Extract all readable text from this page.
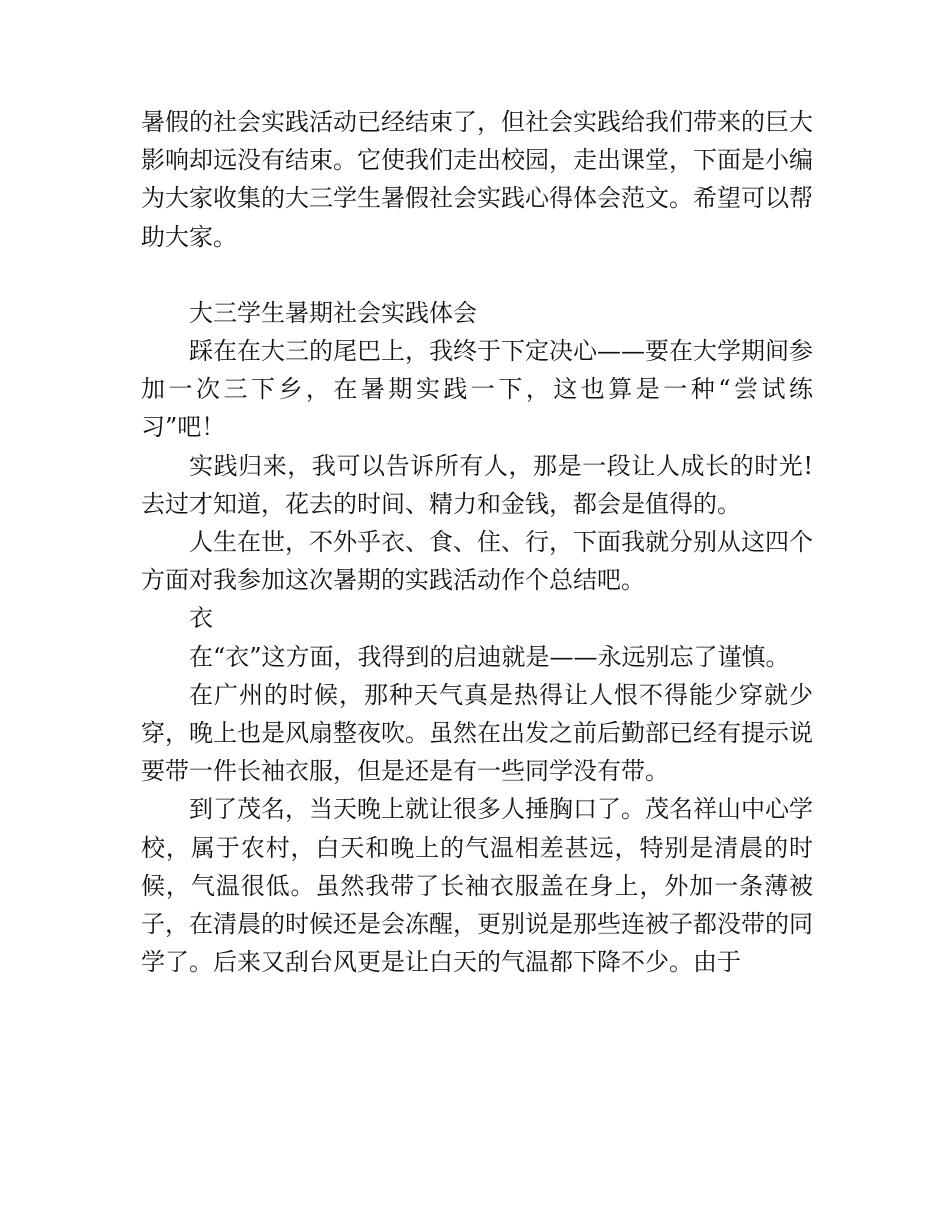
暑假的社会实践活动已经结束了，但社会实践给我们带来的巨大影响却远没有结束。它使我们走出校园，走出课堂，下面是小编为大家收集的大三学生暑假社会实践心得体会范文。希望可以帮助大家。

大三学生暑期社会实践体会

踩在在大三的尾巴上，我终于下定决心——要在大学期间参加一次三下乡，在暑期实践一下，这也算是一种“尝试练习”吧！

实践归来，我可以告诉所有人，那是一段让人成长的时光!去过才知道，花去的时间、精力和金钱，都会是值得的。

人生在世，不外乎衣、食、住、行，下面我就分别从这四个方面对我参加这次暑期的实践活动作个总结吧。

衣

在“衣”这方面，我得到的启迪就是——永远别忘了谨慎。

在广州的时候，那种天气真是热得让人恨不得能少穿就少穿，晚上也是风扇整夜吹。虽然在出发之前后勤部已经有提示说要带一件长袖衣服，但是还是有一些同学没有带。

到了茂名，当天晚上就让很多人捶胸口了。茂名祥山中心学校，属于农村，白天和晚上的气温相差甚远，特别是清晨的时候，气温很低。虽然我带了长袖衣服盖在身上，外加一条薄被子，在清晨的时候还是会冻醒，更别说是那些连被子都没带的同学了。后来又刮台风更是让白天的气温都下降不少。由于
